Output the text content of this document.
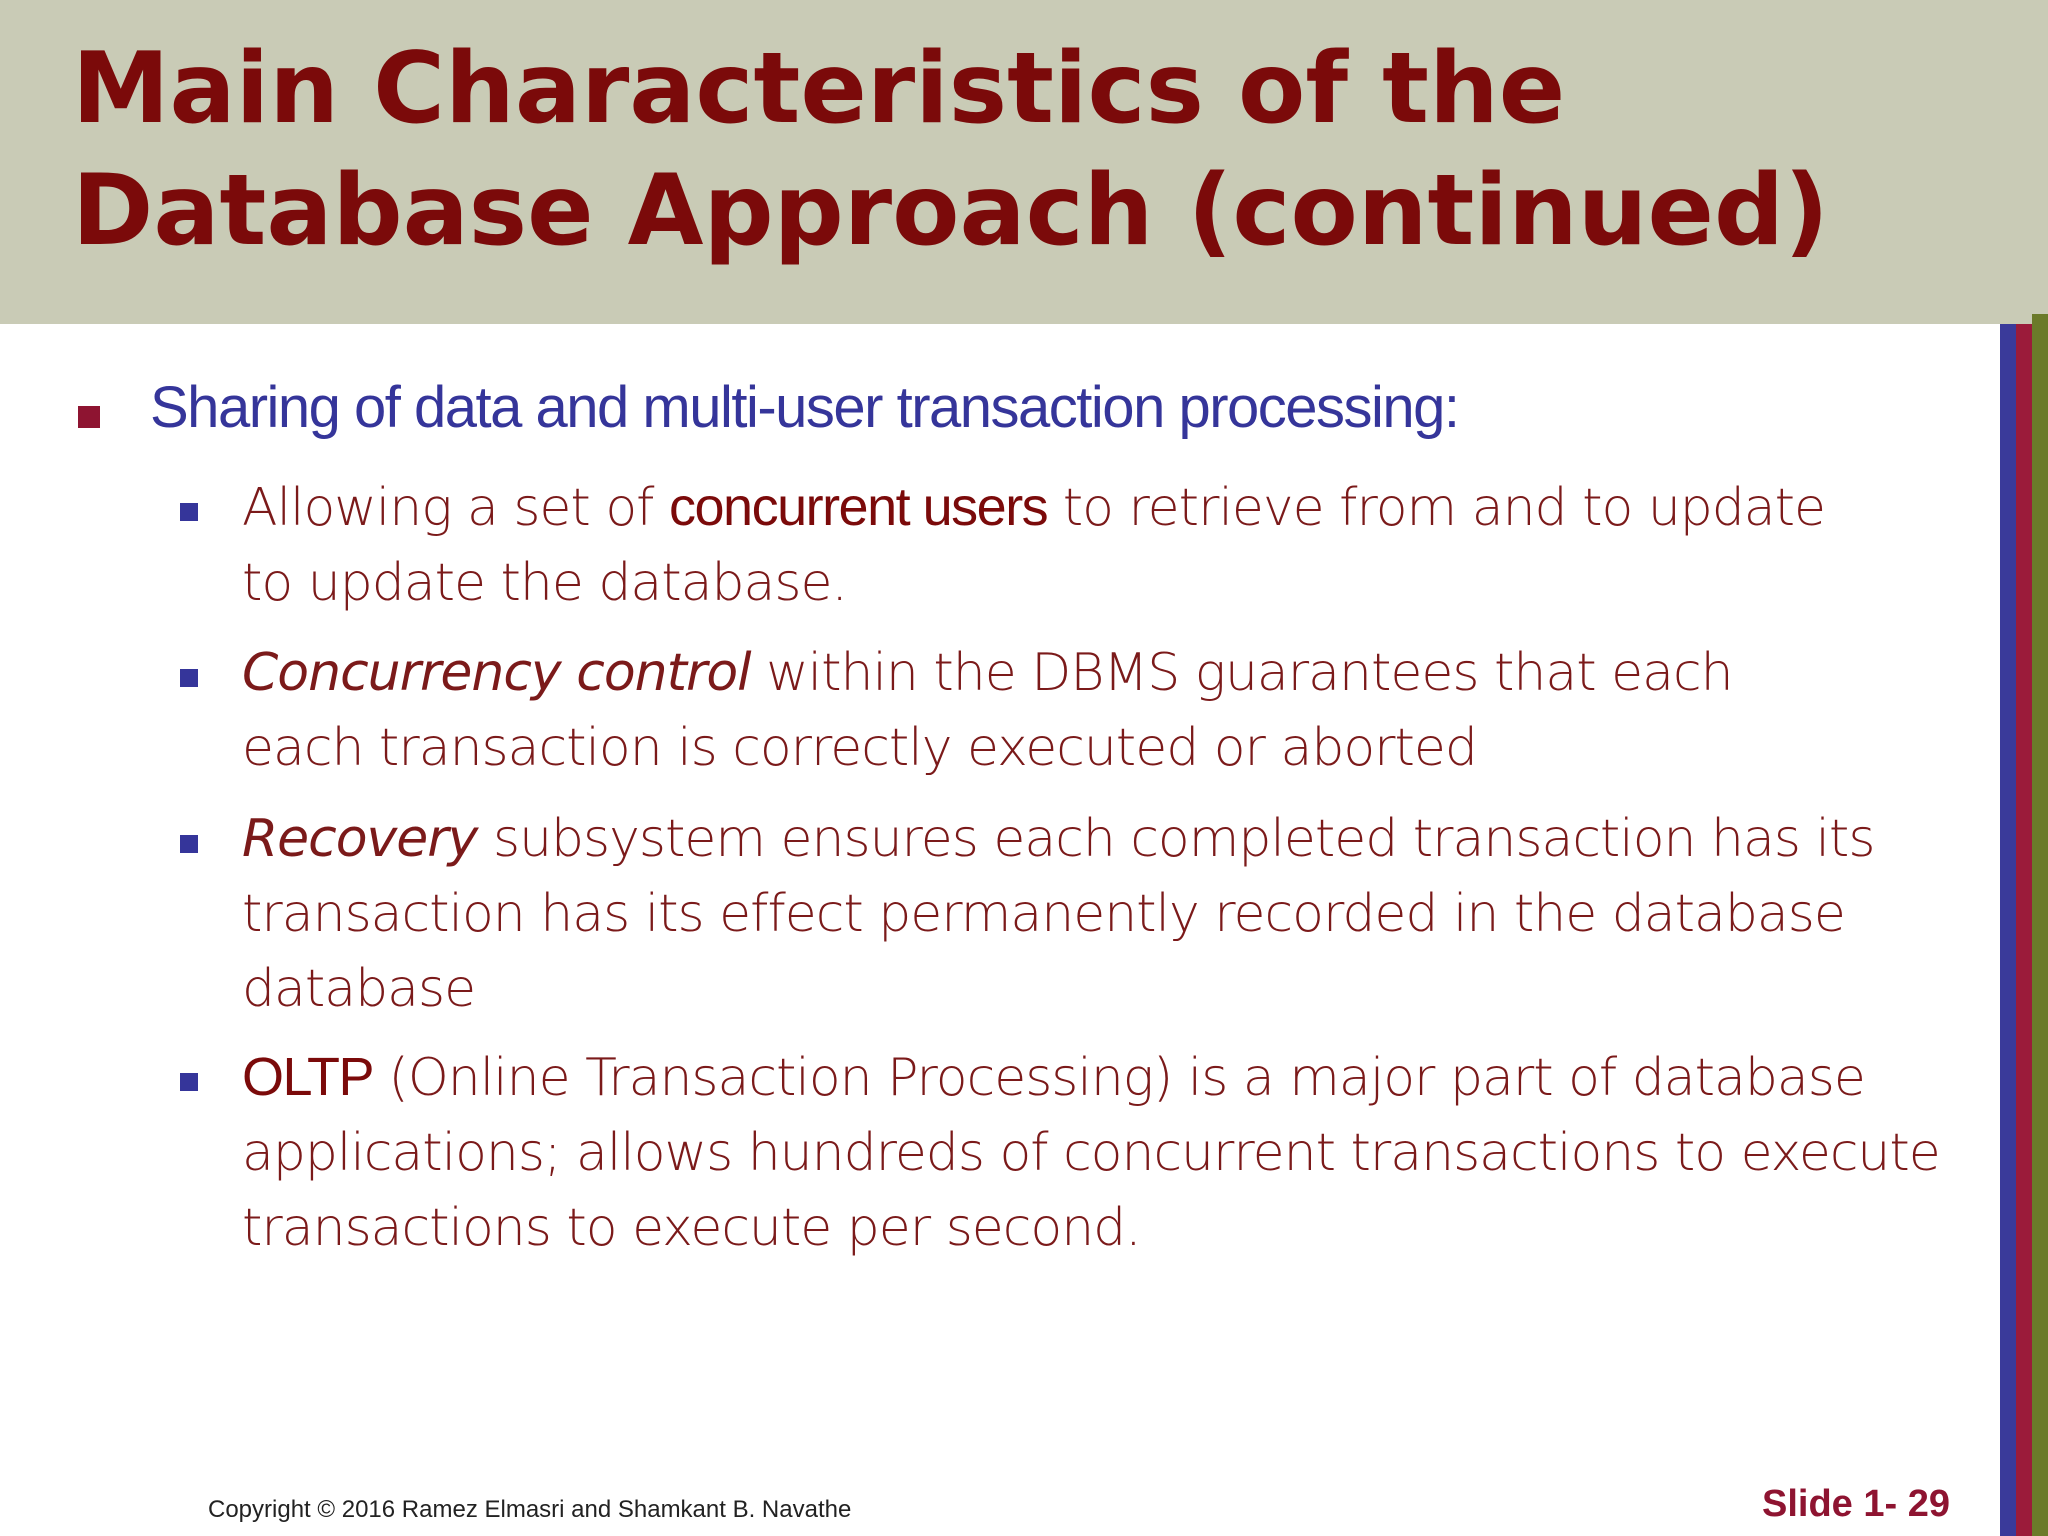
Main Characteristics of the
Database Approach (continued)
Sharing of data and multi-user transaction processing:
Allowing a set of concurrent users to retrieve from and to update
to update the database.
Concurrency control within the DBMS guarantees that each
each transaction is correctly executed or aborted
Recovery subsystem ensures each completed transaction has its
transaction has its effect permanently recorded in the database
database
OLTP (Online Transaction Processing) is a major part of database
applications; allows hundreds of concurrent transactions to execute
transactions to execute per second.
Copyright © 2016 Ramez Elmasri and Shamkant B. Navathe	Slide 1- 29
